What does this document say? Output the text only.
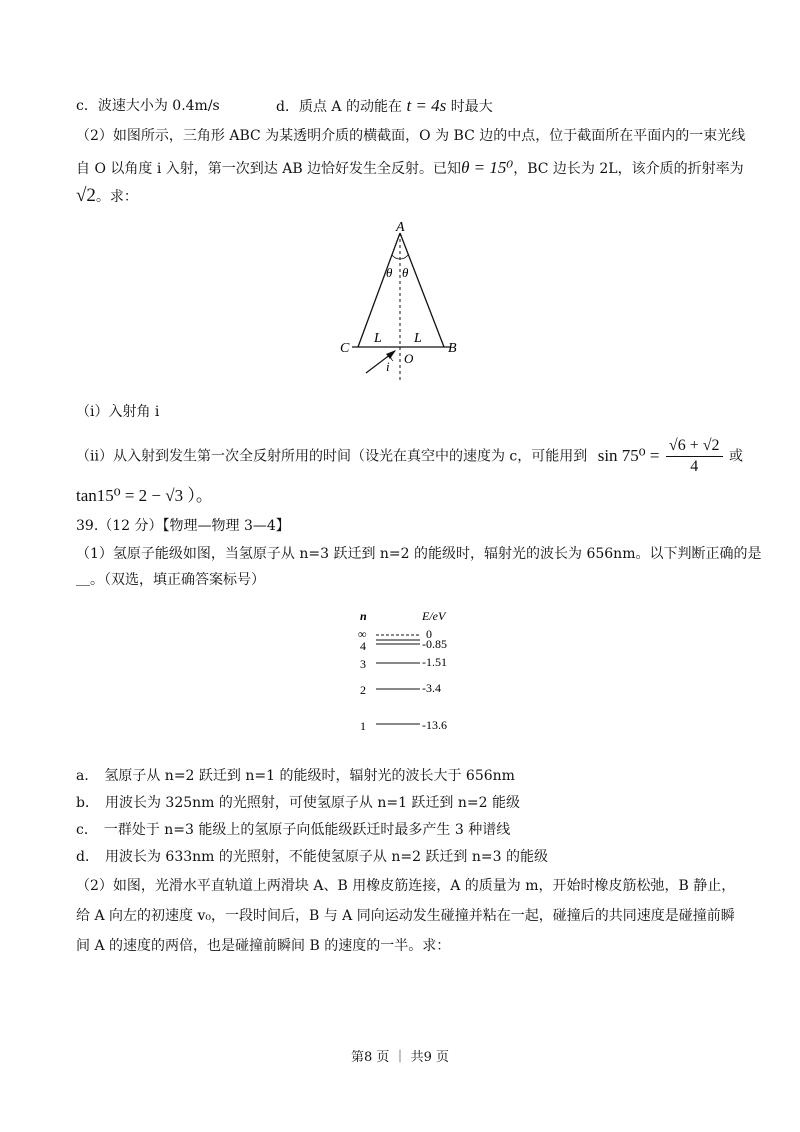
c．波速大小为 0.4m/s	d．质点 A 的动能在 t = 4s 时最大
（2）如图所示，三角形 ABC 为某透明介质的横截面，O 为 BC 边的中点，位于截面所在平面内的一束光线
自 O 以角度 i 入射，第一次到达 AB 边恰好发生全反射。已知θ = 15⁰，BC 边长为 2L，该介质的折射率为
√2。求：
A
θ θ
C	B
L L
O
i
（i）入射角 i
（ii）从入射到发生第一次全反射所用的时间（设光在真空中的速度为 c，可能用到 $\sin 75^0 = \frac{√6 + √2}{4}$ 或
tan15⁰ = 2 − √3 ）。
39.（12 分）【物理—物理 3—4】
（1）氢原子能级如图，当氢原子从 n=3 跃迁到 n=2 的能级时，辐射光的波长为 656nm。以下判断正确的是
＿。（双选，填正确答案标号）
n	E/eV
∞	0
4	-0.85
3	-1.51
2	-3.4
1	-13.6
a． 氢原子从 n=2 跃迁到 n=1 的能级时，辐射光的波长大于 656nm
b． 用波长为 325nm 的光照射，可使氢原子从 n=1 跃迁到 n=2 能级
c． 一群处于 n=3 能级上的氢原子向低能级跃迁时最多产生 3 种谱线
d． 用波长为 633nm 的光照射，不能使氢原子从 n=2 跃迁到 n=3 的能级
（2）如图，光滑水平直轨道上两滑块 A、B 用橡皮筋连接，A 的质量为 m，开始时橡皮筋松弛，B 静止，
给 A 向左的初速度 v₀，一段时间后，B 与 A 同向运动发生碰撞并粘在一起，碰撞后的共同速度是碰撞前瞬
间 A 的速度的两倍，也是碰撞前瞬间 B 的速度的一半。求：
第8 页 ｜ 共9 页
